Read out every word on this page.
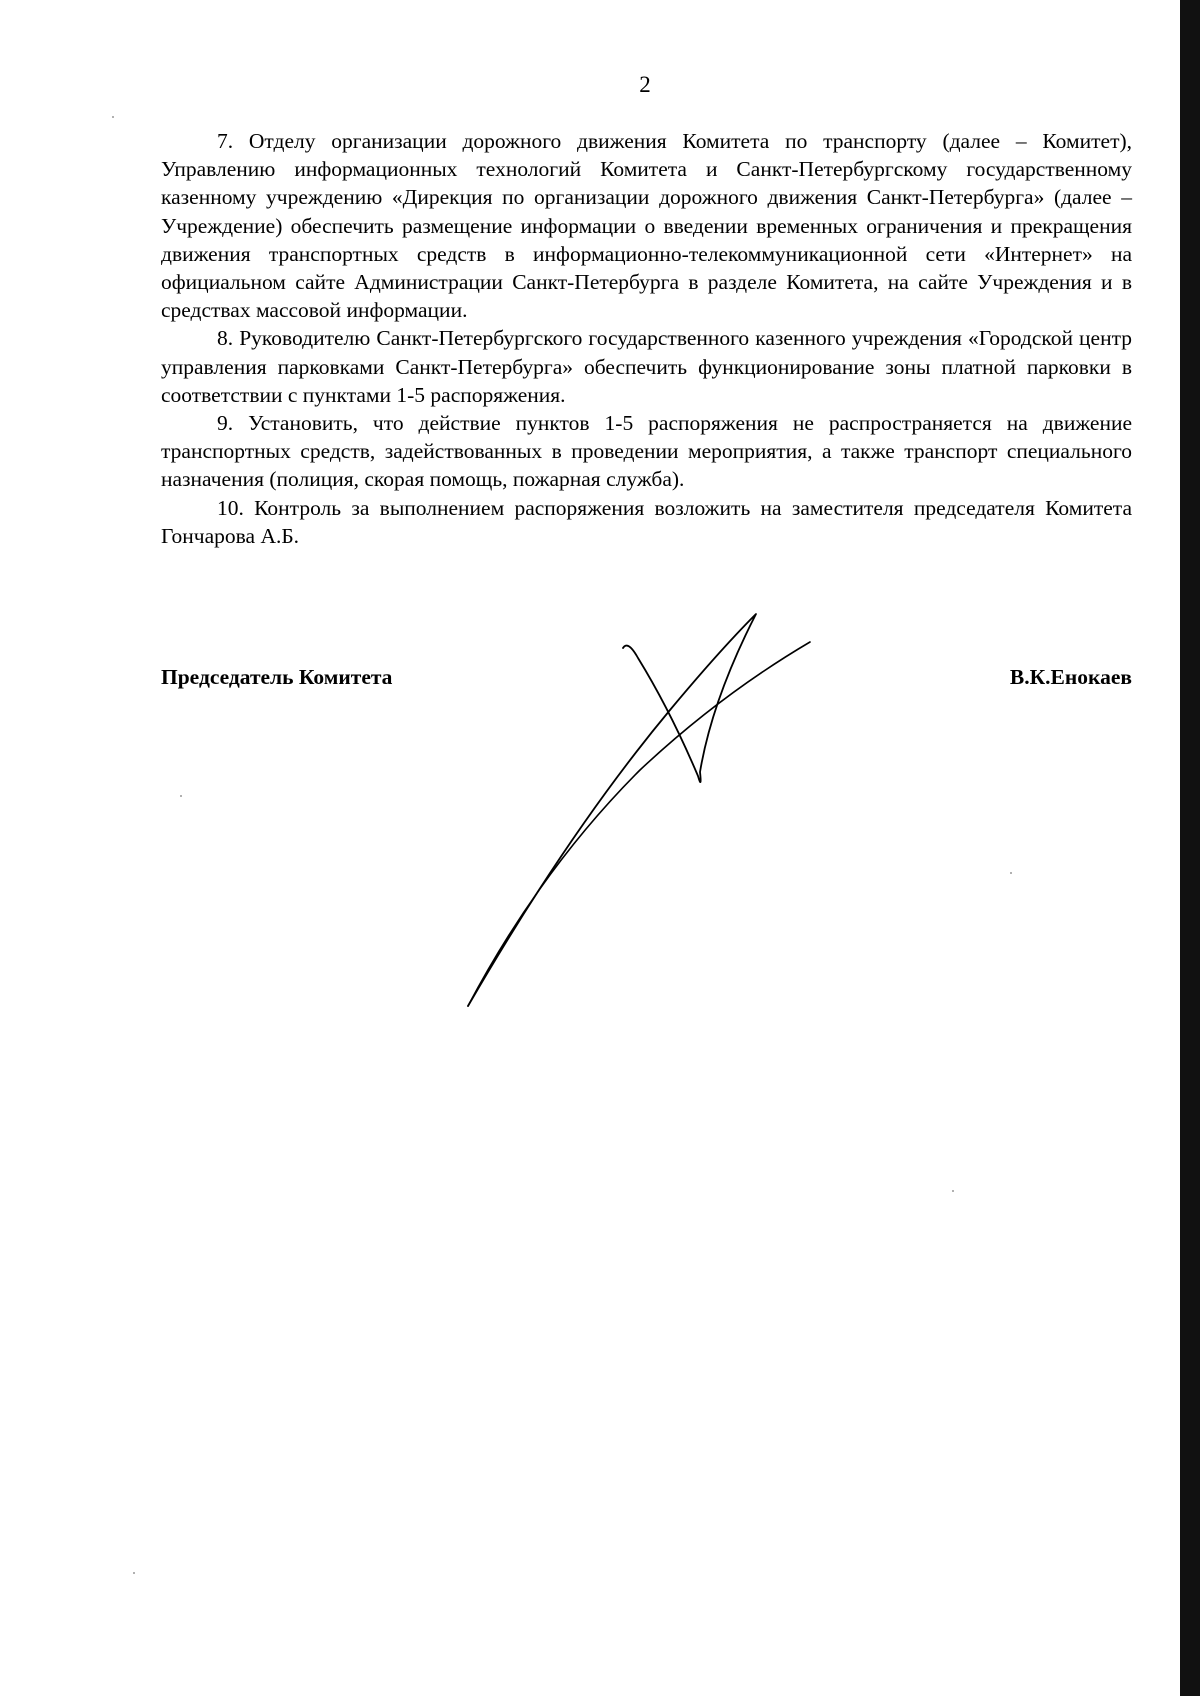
2

7. Отделу организации дорожного движения Комитета по транспорту (далее – Комитет), Управлению информационных технологий Комитета и Санкт-Петербургскому государственному казенному учреждению «Дирекция по организации дорожного движения Санкт-Петербурга» (далее – Учреждение) обеспечить размещение информации о введении временных ограничения и прекращения движения транспортных средств в информационно-телекоммуникационной сети «Интернет» на официальном сайте Администрации Санкт-Петербурга в разделе Комитета, на сайте Учреждения и в средствах массовой информации.

8. Руководителю Санкт-Петербургского государственного казенного учреждения «Городской центр управления парковками Санкт-Петербурга» обеспечить функционирование зоны платной парковки в соответствии с пунктами 1-5 распоряжения.

9. Установить, что действие пунктов 1-5 распоряжения не распространяется на движение транспортных средств, задействованных в проведении мероприятия, а также транспорт специального назначения (полиция, скорая помощь, пожарная служба).

10. Контроль за выполнением распоряжения возложить на заместителя председателя Комитета Гончарова А.Б.

Председатель Комитета	В.К.Енокаев
